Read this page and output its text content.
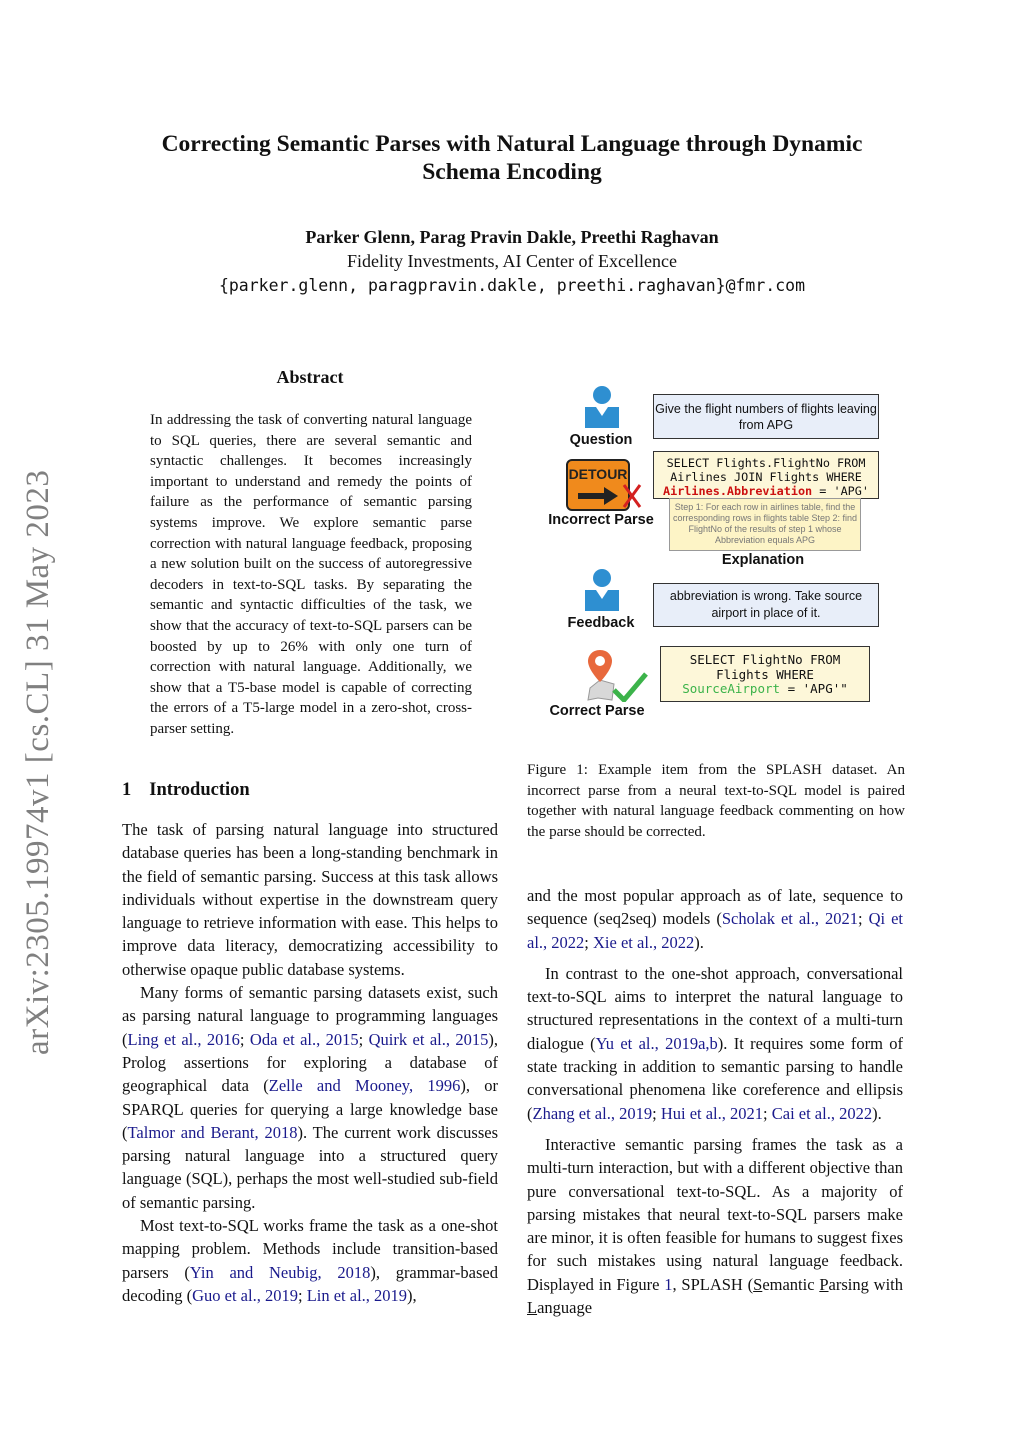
Correcting Semantic Parses with Natural Language through Dynamic
Schema Encoding
Parker Glenn, Parag Pravin Dakle, Preethi Raghavan
Fidelity Investments, AI Center of Excellence
{parker.glenn, paragpravin.dakle, preethi.raghavan}@fmr.com
arXiv:2305.19974v1 [cs.CL] 31 May 2023
Abstract
In addressing the task of converting natural language to SQL queries, there are several semantic and syntactic challenges. It becomes increasingly important to understand and remedy the points of failure as the performance of semantic parsing systems improve. We explore semantic parse correction with natural language feedback, proposing a new solution built on the success of autoregressive decoders in text-to-SQL tasks. By separating the semantic and syntactic difficulties of the task, we show that the accuracy of text-to-SQL parsers can be boosted by up to 26% with only one turn of correction with natural language. Additionally, we show that a T5-base model is capable of correcting the errors of a T5-large model in a zero-shot, cross-parser setting.
1 Introduction

The task of parsing natural language into structured database queries has been a long-standing benchmark in the field of semantic parsing. Success at this task allows individuals without expertise in the downstream query language to retrieve information with ease. This helps to improve data literacy, democratizing accessibility to otherwise opaque public database systems.

Many forms of semantic parsing datasets exist, such as parsing natural language to programming languages (Ling et al., 2016; Oda et al., 2015; Quirk et al., 2015), Prolog assertions for exploring a database of geographical data (Zelle and Mooney, 1996), or SPARQL queries for querying a large knowledge base (Talmor and Berant, 2018). The current work discusses parsing natural language into a structured query language (SQL), perhaps the most well-studied sub-field of semantic parsing.

Most text-to-SQL works frame the task as a one-shot mapping problem. Methods include transition-based parsers (Yin and Neubig, 2018), grammar-based decoding (Guo et al., 2019; Lin et al., 2019),

and the most popular approach as of late, sequence to sequence (seq2seq) models (Scholak et al., 2021; Qi et al., 2022; Xie et al., 2022).

In contrast to the one-shot approach, conversational text-to-SQL aims to interpret the natural language to structured representations in the context of a multi-turn dialogue (Yu et al., 2019a,b). It requires some form of state tracking in addition to semantic parsing to handle conversational phenomena like coreference and ellipsis (Zhang et al., 2019; Hui et al., 2021; Cai et al., 2022).

Interactive semantic parsing frames the task as a multi-turn interaction, but with a different objective than pure conversational text-to-SQL. As a majority of parsing mistakes that neural text-to-SQL parsers make are minor, it is often feasible for humans to suggest fixes for such mistakes using natural language feedback. Displayed in Figure 1, SPLASH (Semantic Parsing with Language

Question
Give the flight numbers of flights leaving from APG
DETOUR
Incorrect Parse
SELECT Flights.FlightNo FROM
Airlines JOIN Flights WHERE
Airlines.Abbreviation = 'APG'
Step 1: For each row in airlines table, find the corresponding rows in flights table Step 2: find FlightNo of the results of step 1 whose Abbreviation equals APG
Explanation
Feedback
abbreviation is wrong. Take source airport in place of it.
Correct Parse
SELECT FlightNo FROM
Flights WHERE
SourceAirport = 'APG'"
Figure 1: Example item from the SPLASH dataset. An incorrect parse from a neural text-to-SQL model is paired together with natural language feedback commenting on how the parse should be corrected.
